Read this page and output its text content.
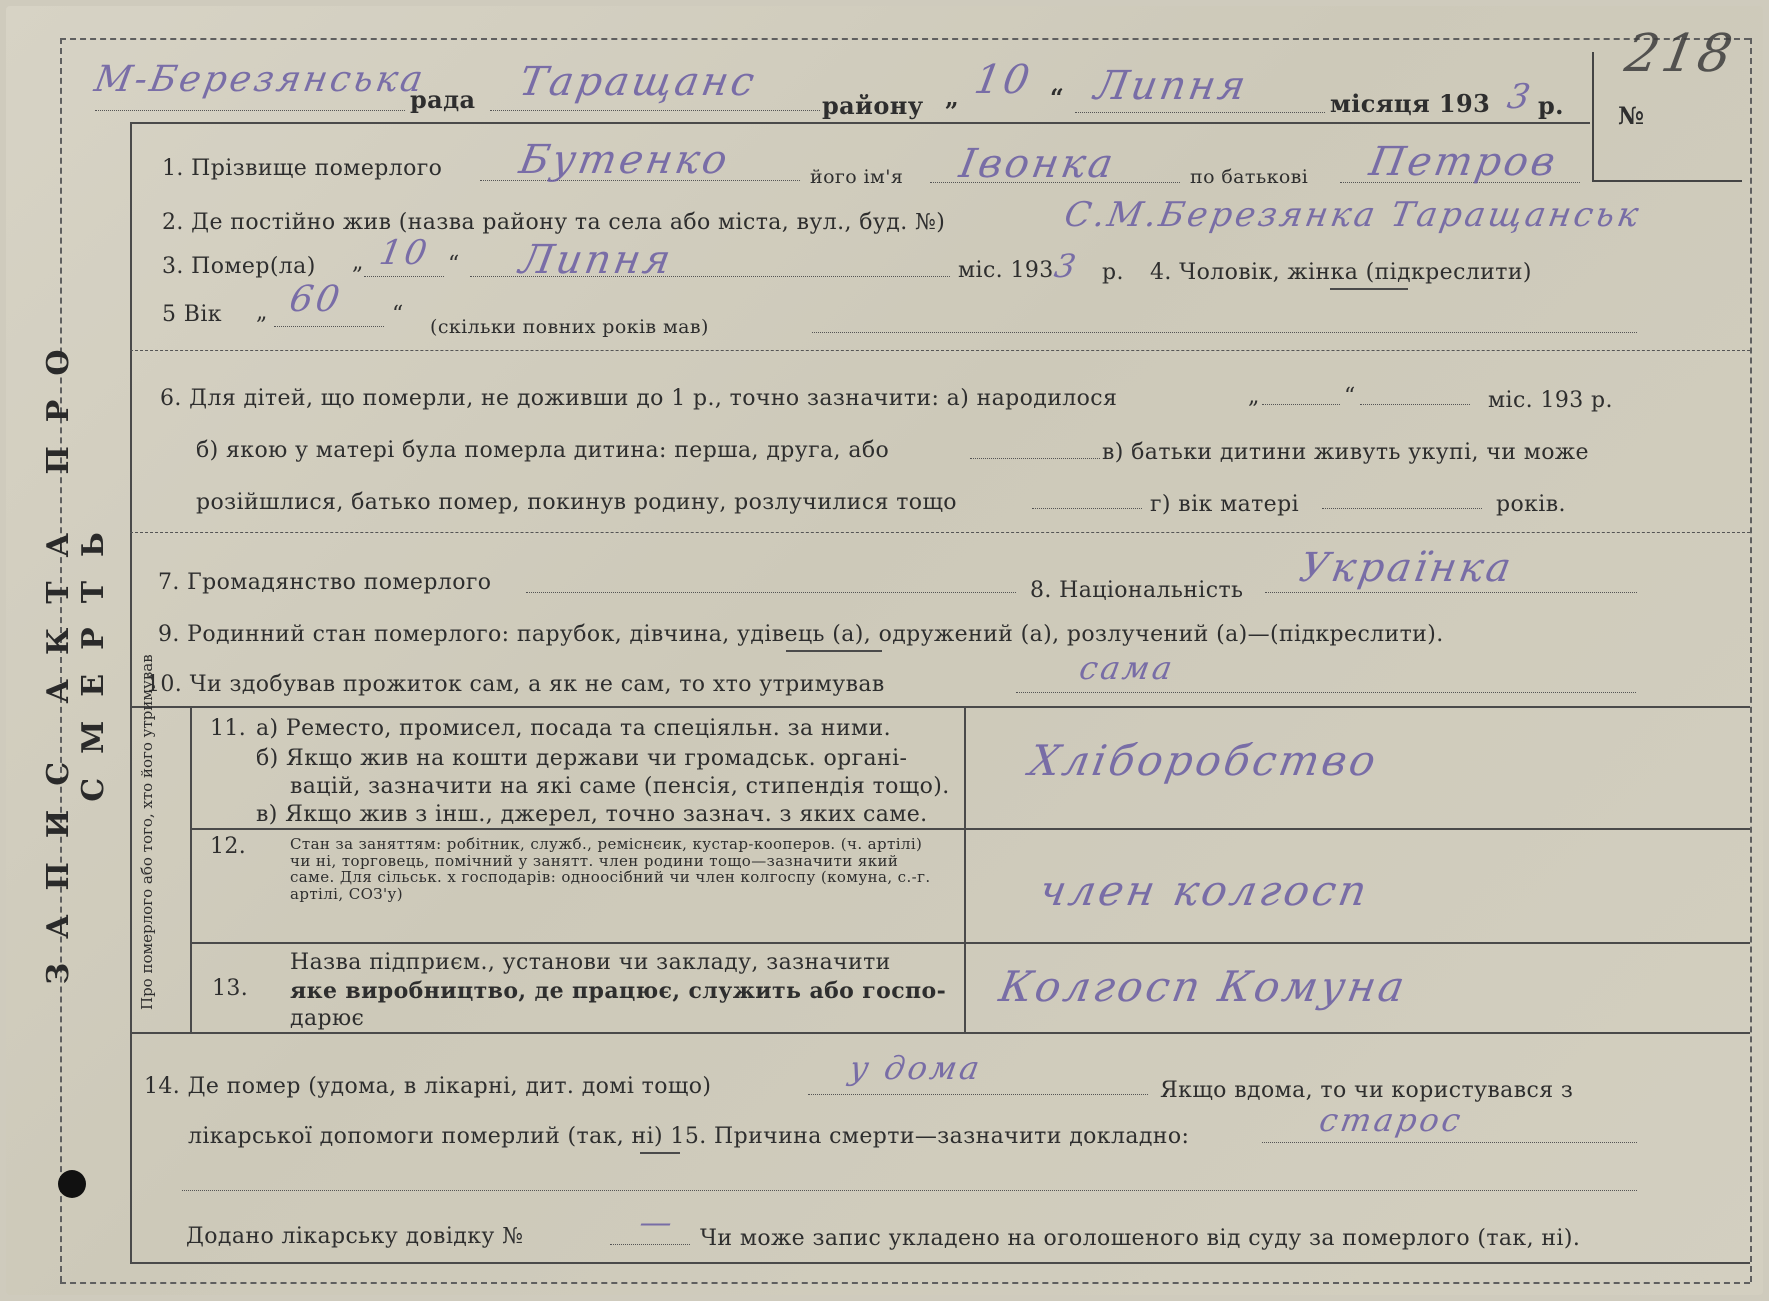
ЗАПИС АКТА ПРО СМЕРТЬ
М-Березянська
рада Таращанс
району „ 10 “ Липня	місяця 193 3 р. №
218
1. Прізвище померлого Бутенко	його ім'я Івонка	по батькові Петров
2. Де постійно жив (назва району та села або міста, вул., буд. №)	С.М.Березянка Таращанськ
3. Помер(ла) „ 10 “ Липня	міс. 193
3 р. 4. Чоловік, жінка (підкреслити)
5 Вік „ 60 “ (скільки повних років мав)
6. Для дітей, що померли, не доживши до 1 р., точно зазначити: а) народилося	„	“	міс. 193 р.
б) якою у матері була померла дитина: перша, друга, або	в) батьки дитини живуть укупі, чи може
розійшлися, батько помер, покинув родину, розлучилися тощо	г) вік матері	років.
7. Громадянство померлого	8. Національність Українка
9. Родинний стан померлого: парубок, дівчина, удівець (а), одружений (а), розлучений (а)—(підкреслити).
10. Чи здобував прожиток сам, а як не сам, то хто утримував	сама
Про померлого або того, хто його утримував 11. а) Реместо, промисел, посада та спеціяльн. за ними.
б) Якщо жив на кошти держави чи громадськ. органі-
вацій, зазначити на які саме (пенсія, стипендія тощо).
в) Якщо жив з інш., джерел, точно зазнач. з яких саме.
Хліборобство
12.	Стан за заняттям: робітник, служб., реміснєик, кустар-кооперов. (ч. артілі) чи ні, торговець, помічний у занятт. член родини тощо—зазначити який саме. Для сільськ. х господарів: одноосібний чи член колгоспу (комуна, с.-г. артілі, СОЗ'у)	член колгосп
13.
Назва підприєм., установи чи закладу, зазначити
яке виробництво, де працює, служить або госпо-
дарює
Колгосп Комуна
14. Де помер (удома, в лікарні, дит. домі тощо)	у дома
Якщо вдома, то чи користувався з
лікарської допомоги померлий (так, ні) 15. Причина смерти—зазначити докладно:	старос
Додано лікарську довідку №	— Чи може запис укладено на оголошеного від суду за померлого (так, ні).
